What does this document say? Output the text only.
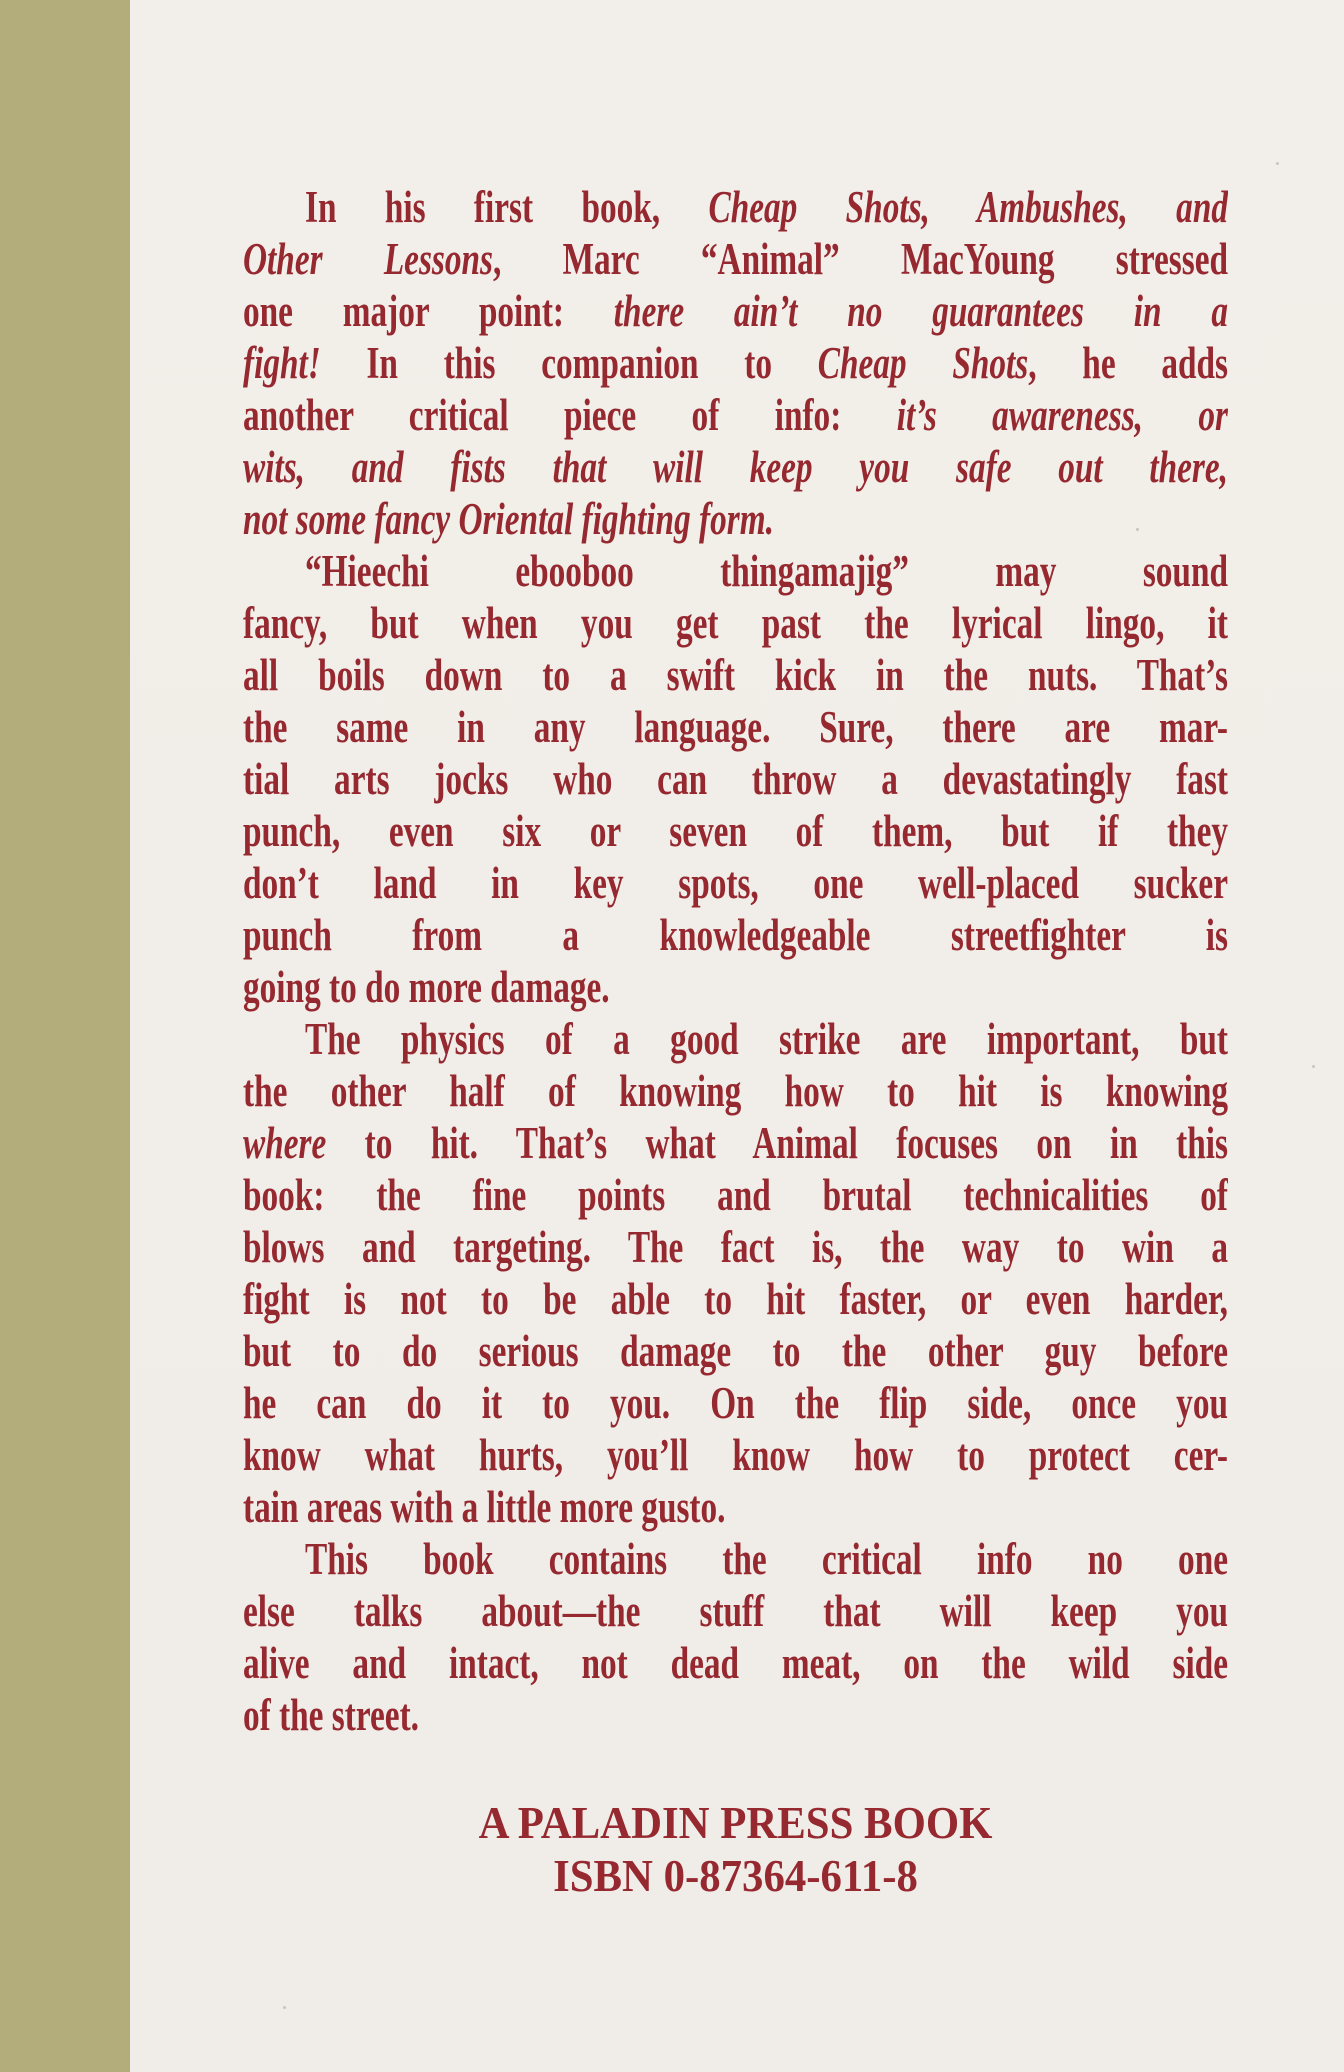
In his first book, Cheap Shots, Ambushes, and
Other Lessons, Marc “Animal” MacYoung stressed
one major point: there ain’t no guarantees in a
fight! In this companion to Cheap Shots, he adds
another critical piece of info: it’s awareness, or
wits, and fists that will keep you safe out there,
not some fancy Oriental fighting form.
“Hieechi ebooboo thingamajig” may sound
fancy, but when you get past the lyrical lingo, it
all boils down to a swift kick in the nuts. That’s
the same in any language. Sure, there are mar-
tial arts jocks who can throw a devastatingly fast
punch, even six or seven of them, but if they
don’t land in key spots, one well-placed sucker
punch from a knowledgeable streetfighter is
going to do more damage.
The physics of a good strike are important, but
the other half of knowing how to hit is knowing
where to hit. That’s what Animal focuses on in this
book: the fine points and brutal technicalities of
blows and targeting. The fact is, the way to win a
fight is not to be able to hit faster, or even harder,
but to do serious damage to the other guy before
he can do it to you. On the flip side, once you
know what hurts, you’ll know how to protect cer-
tain areas with a little more gusto.
This book contains the critical info no one
else talks about—the stuff that will keep you
alive and intact, not dead meat, on the wild side
of the street.
A PALADIN PRESS BOOK
ISBN 0-87364-611-8
